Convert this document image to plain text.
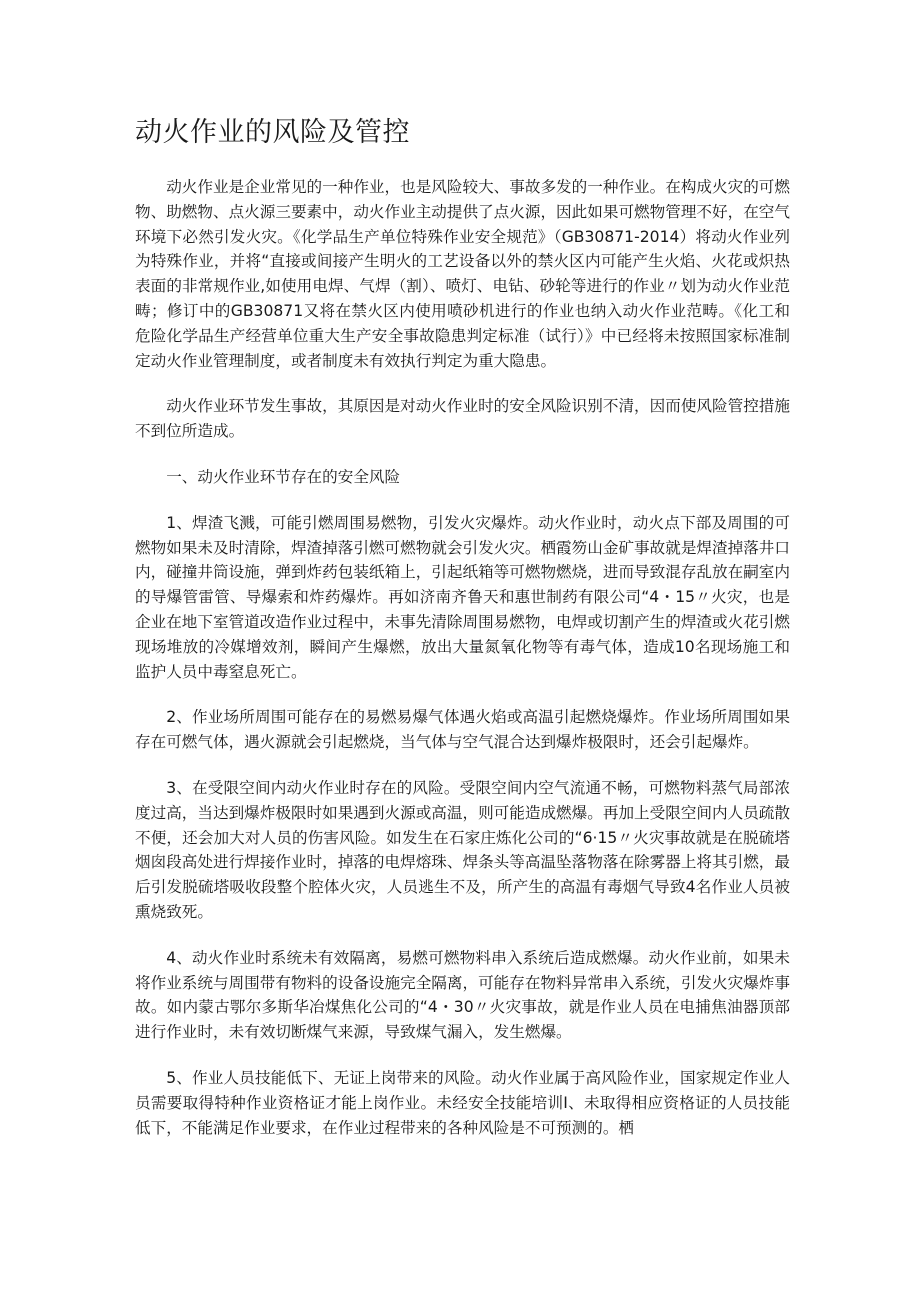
动火作业的风险及管控

动火作业是企业常见的一种作业，也是风险较大、事故多发的一种作业。在构成火灾的可燃物、助燃物、点火源三要素中，动火作业主动提供了点火源，因此如果可燃物管理不好，在空气环境下必然引发火灾。《化学品生产单位特殊作业安全规范》（GB30871-2014）将动火作业列为特殊作业，并将“直接或间接产生明火的工艺设备以外的禁火区内可能产生火焰、火花或炽热表面的非常规作业,如使用电焊、气焊（割）、喷灯、电钻、砂轮等进行的作业〃划为动火作业范畴；修订中的GB30871又将在禁火区内使用喷砂机进行的作业也纳入动火作业范畴。《化工和危险化学品生产经营单位重大生产安全事故隐患判定标准（试行）》中已经将未按照国家标准制定动火作业管理制度，或者制度未有效执行判定为重大隐患。

动火作业环节发生事故，其原因是对动火作业时的安全风险识别不清，因而使风险管控措施不到位所造成。

一、动火作业环节存在的安全风险

1、焊渣飞溅，可能引燃周围易燃物，引发火灾爆炸。动火作业时，动火点下部及周围的可燃物如果未及时清除，焊渣掉落引燃可燃物就会引发火灾。栖霞笏山金矿事故就是焊渣掉落井口内，碰撞井筒设施，弹到炸药包装纸箱上，引起纸箱等可燃物燃烧，进而导致混存乱放在嗣室内的导爆管雷管、导爆索和炸药爆炸。再如济南齐鲁天和惠世制药有限公司“4・15〃火灾，也是企业在地下室管道改造作业过程中，未事先清除周围易燃物，电焊或切割产生的焊渣或火花引燃现场堆放的冷媒增效剂，瞬间产生爆燃，放出大量氮氧化物等有毒气体，造成10名现场施工和监护人员中毒窒息死亡。

2、作业场所周围可能存在的易燃易爆气体遇火焰或高温引起燃烧爆炸。作业场所周围如果存在可燃气体，遇火源就会引起燃烧，当气体与空气混合达到爆炸极限时，还会引起爆炸。

3、在受限空间内动火作业时存在的风险。受限空间内空气流通不畅，可燃物料蒸气局部浓度过高，当达到爆炸极限时如果遇到火源或高温，则可能造成燃爆。再加上受限空间内人员疏散不便，还会加大对人员的伤害风险。如发生在石家庄炼化公司的“6·15〃火灾事故就是在脱硫塔烟囱段高处进行焊接作业时，掉落的电焊熔珠、焊条头等高温坠落物落在除雾器上将其引燃，最后引发脱硫塔吸收段整个腔体火灾，人员逃生不及，所产生的高温有毒烟气导致4名作业人员被熏烧致死。

4、动火作业时系统未有效隔离，易燃可燃物料串入系统后造成燃爆。动火作业前，如果未将作业系统与周围带有物料的设备设施完全隔离，可能存在物料异常串入系统，引发火灾爆炸事故。如内蒙古鄂尔多斯华冶煤焦化公司的“4・30〃火灾事故，就是作业人员在电捕焦油器顶部进行作业时，未有效切断煤气来源，导致煤气漏入，发生燃爆。

5、作业人员技能低下、无证上岗带来的风险。动火作业属于高风险作业，国家规定作业人员需要取得特种作业资格证才能上岗作业。未经安全技能培训I、未取得相应资格证的人员技能低下，不能满足作业要求，在作业过程带来的各种风险是不可预测的。栖
